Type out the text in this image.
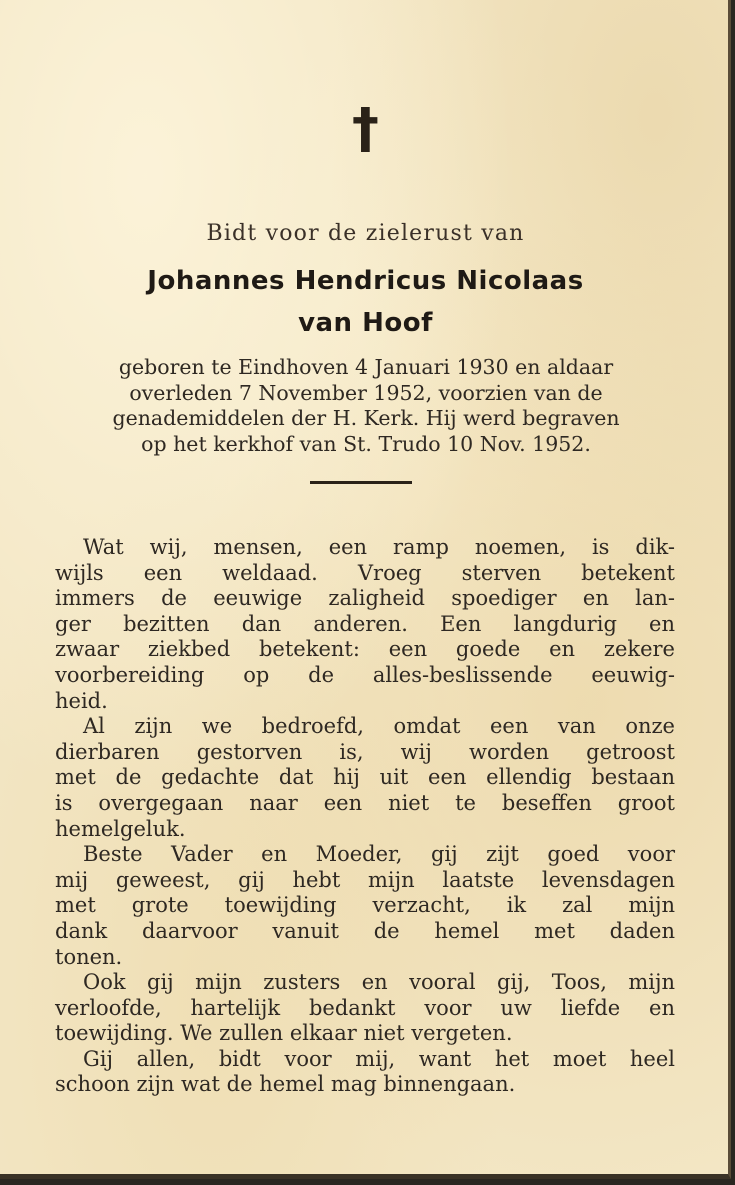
†
Bidt voor de zielerust van
Johannes Hendricus Nicolaas
van Hoof
geboren te Eindhoven 4 Januari 1930 en aldaar
overleden 7 November 1952, voorzien van de
genademiddelen der H. Kerk. Hij werd begraven
op het kerkhof van St. Trudo 10 Nov. 1952.
Wat wij, mensen, een ramp noemen, is dik-
wijls een weldaad. Vroeg sterven betekent
immers de eeuwige zaligheid spoediger en lan-
ger bezitten dan anderen. Een langdurig en
zwaar ziekbed betekent: een goede en zekere
voorbereiding op de alles-beslissende eeuwig-
heid.
Al zijn we bedroefd, omdat een van onze
dierbaren gestorven is, wij worden getroost
met de gedachte dat hij uit een ellendig bestaan
is overgegaan naar een niet te beseffen groot
hemelgeluk.
Beste Vader en Moeder, gij zijt goed voor
mij geweest, gij hebt mijn laatste levensdagen
met grote toewijding verzacht, ik zal mijn
dank daarvoor vanuit de hemel met daden
tonen.
Ook gij mijn zusters en vooral gij, Toos, mijn
verloofde, hartelijk bedankt voor uw liefde en
toewijding. We zullen elkaar niet vergeten.
Gij allen, bidt voor mij, want het moet heel
schoon zijn wat de hemel mag binnengaan.
